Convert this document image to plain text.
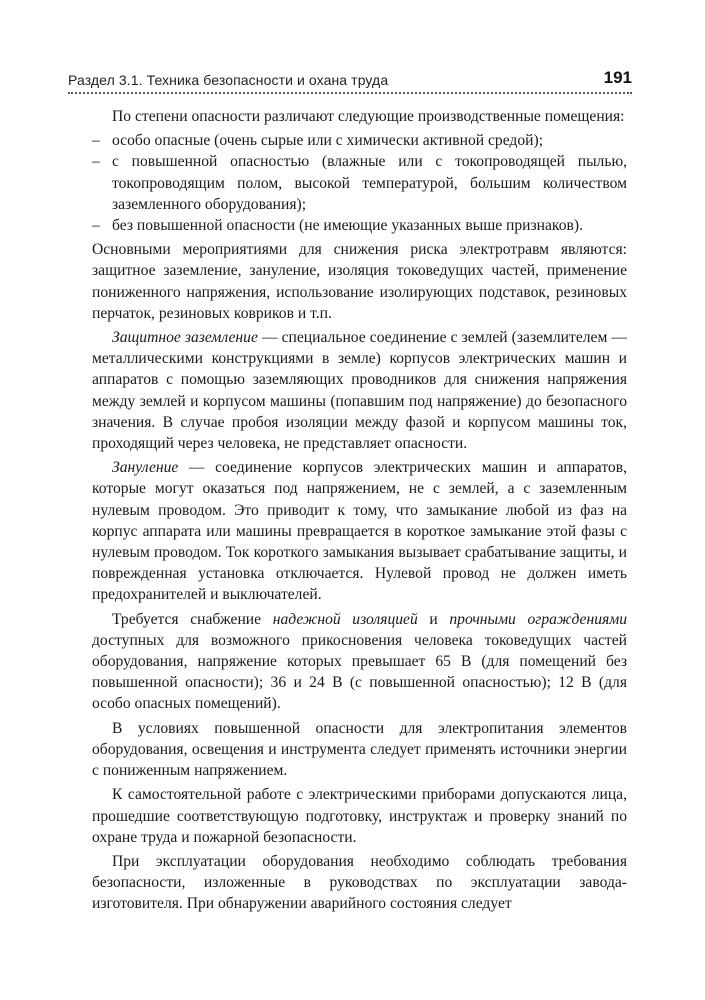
Раздел 3.1. Техника безопасности и охана труда	191

По степени опасности различают следующие производственные помещения:

– особо опасные (очень сырые или с химически активной средой);
– с повышенной опасностью (влажные или с токопроводящей пылью, токопроводящим полом, высокой температурой, большим количеством заземленного оборудования);
– без повышенной опасности (не имеющие указанных выше признаков).

Основными мероприятиями для снижения риска электротравм являются: защитное заземление, зануление, изоляция токоведущих частей, применение пониженного напряжения, использование изолирующих подставок, резиновых перчаток, резиновых ковриков и т.п.

Защитное заземление — специальное соединение с землей (заземлителем — металлическими конструкциями в земле) корпусов электрических машин и аппаратов с помощью заземляющих проводников для снижения напряжения между землей и корпусом машины (попавшим под напряжение) до безопасного значения. В случае пробоя изоляции между фазой и корпусом машины ток, проходящий через человека, не представляет опасности.

Зануление — соединение корпусов электрических машин и аппаратов, которые могут оказаться под напряжением, не с землей, а с заземленным нулевым проводом. Это приводит к тому, что замыкание любой из фаз на корпус аппарата или машины превращается в короткое замыкание этой фазы с нулевым проводом. Ток короткого замыкания вызывает срабатывание защиты, и поврежденная установка отключается. Нулевой провод не должен иметь предохранителей и выключателей.

Требуется снабжение надежной изоляцией и прочными ограждениями доступных для возможного прикосновения человека токоведущих частей оборудования, напряжение которых превышает 65 В (для помещений без повышенной опасности); 36 и 24 В (с повышенной опасностью); 12 В (для особо опасных помещений).

В условиях повышенной опасности для электропитания элементов оборудования, освещения и инструмента следует применять источники энергии с пониженным напряжением.

К самостоятельной работе с электрическими приборами допускаются лица, прошедшие соответствующую подготовку, инструктаж и проверку знаний по охране труда и пожарной безопасности.

При эксплуатации оборудования необходимо соблюдать требования безопасности, изложенные в руководствах по эксплуатации завода-изготовителя. При обнаружении аварийного состояния следует
